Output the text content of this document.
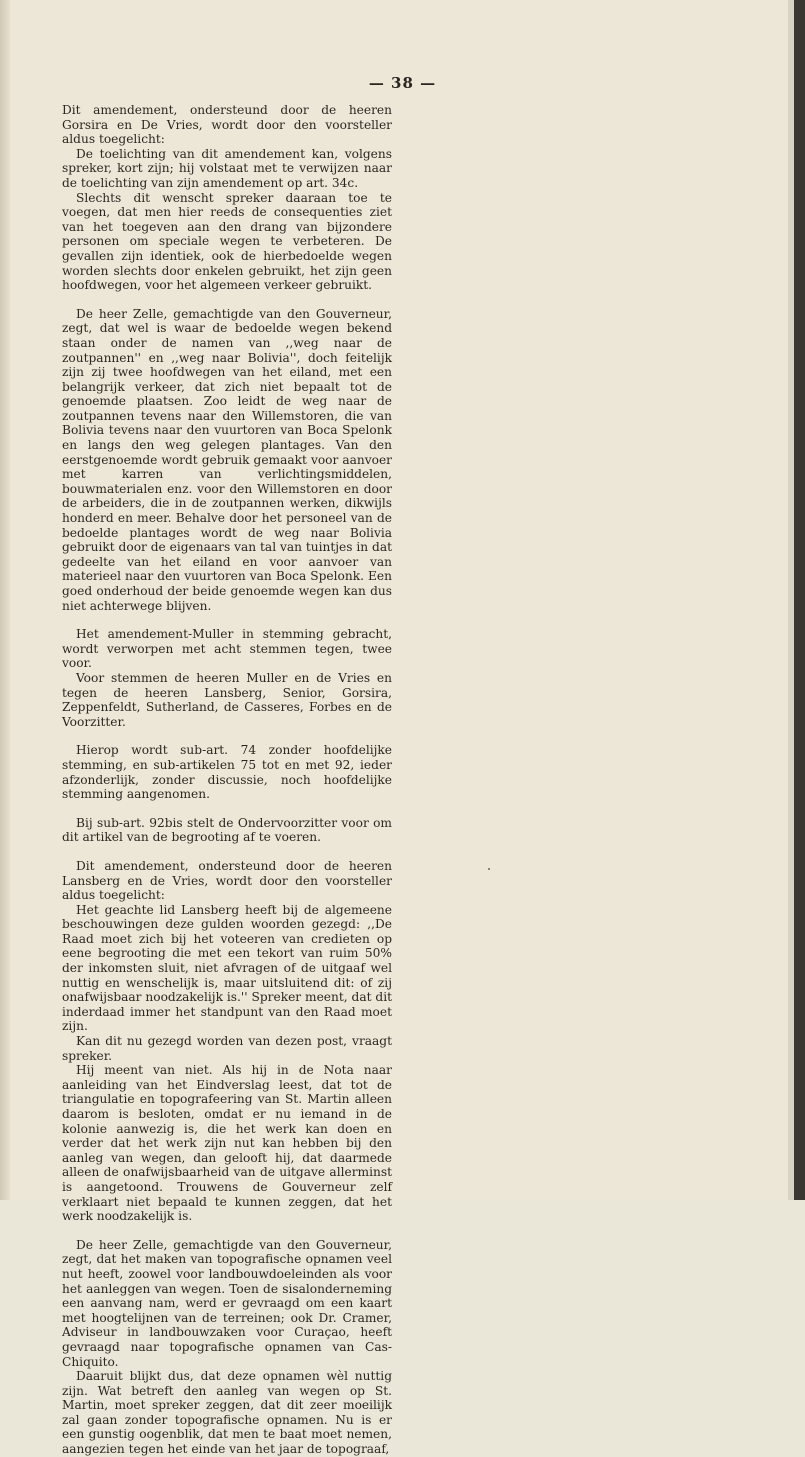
— 38 —

Dit amendement, ondersteund door de heeren Gorsira en De Vries, wordt door den voorsteller aldus toegelicht:

De toelichting van dit amendement kan, volgens spreker, kort zijn; hij volstaat met te verwijzen naar de toelichting van zijn amendement op art. 34c.

Slechts dit wenscht spreker daaraan toe te voegen, dat men hier reeds de consequenties ziet van het toegeven aan den drang van bijzondere personen om speciale wegen te verbeteren. De gevallen zijn identiek, ook de hierbedoelde wegen worden slechts door enkelen gebruikt, het zijn geen hoofdwegen, voor het algemeen verkeer gebruikt.

De heer Zelle, gemachtigde van den Gouverneur, zegt, dat wel is waar de bedoelde wegen bekend staan onder de namen van ,,weg naar de zoutpannen'' en ,,weg naar Bolivia'', doch feitelijk zijn zij twee hoofdwegen van het eiland, met een belangrijk verkeer, dat zich niet bepaalt tot de genoemde plaatsen. Zoo leidt de weg naar de zoutpannen tevens naar den Willemstoren, die van Bolivia tevens naar den vuurtoren van Boca Spelonk en langs den weg gelegen plantages. Van den eerstgenoemde wordt gebruik gemaakt voor aanvoer met karren van verlichtingsmiddelen, bouwmaterialen enz. voor den Willemstoren en door de arbeiders, die in de zoutpannen werken, dikwijls honderd en meer. Behalve door het personeel van de bedoelde plantages wordt de weg naar Bolivia gebruikt door de eigenaars van tal van tuintjes in dat gedeelte van het eiland en voor aanvoer van materieel naar den vuurtoren van Boca Spelonk. Een goed onderhoud der beide genoemde wegen kan dus niet achterwege blijven.

Het amendement-Muller in stemming gebracht, wordt verworpen met acht stemmen tegen, twee voor.

Voor stemmen de heeren Muller en de Vries en tegen de heeren Lansberg, Senior, Gorsira, Zeppenfeldt, Sutherland, de Casseres, Forbes en de Voorzitter.

Hierop wordt sub-art. 74 zonder hoofdelijke stemming, en sub-artikelen 75 tot en met 92, ieder afzonderlijk, zonder discussie, noch hoofdelijke stemming aangenomen.

Bij sub-art. 92bis stelt de Ondervoorzitter voor om dit artikel van de begrooting af te voeren.

Dit amendement, ondersteund door de heeren Lansberg en de Vries, wordt door den voorsteller aldus toegelicht:

Het geachte lid Lansberg heeft bij de algemeene beschouwingen deze gulden woorden gezegd: ,,De Raad moet zich bij het voteeren van credieten op eene begrooting die met een tekort van ruim 50% der inkomsten sluit, niet afvragen of de uitgaaf wel nuttig en wenschelijk is, maar uitsluitend dit: of zij onafwijsbaar noodzakelijk is.'' Spreker meent, dat dit inderdaad immer het standpunt van den Raad moet zijn.

Kan dit nu gezegd worden van dezen post, vraagt spreker.

Hij meent van niet. Als hij in de Nota naar aanleiding van het Eindverslag leest, dat tot de triangulatie en topografeering van St. Martin alleen daarom is besloten, omdat er nu iemand in de kolonie aanwezig is, die het werk kan doen en verder dat het werk zijn nut kan hebben bij den aanleg van wegen, dan gelooft hij, dat daarmede alleen de onafwijsbaarheid van de uitgave allerminst is aangetoond. Trouwens de Gouverneur zelf verklaart niet bepaald te kunnen zeggen, dat het werk noodzakelijk is.

De heer Zelle, gemachtigde van den Gouverneur, zegt, dat het maken van topografische opnamen veel nut heeft, zoowel voor landbouwdoeleinden als voor het aanleggen van wegen. Toen de sisalonderneming een aanvang nam, werd er gevraagd om een kaart met hoogtelijnen van de terreinen; ook Dr. Cramer, Adviseur in landbouwzaken voor Curaçao, heeft gevraagd naar topografische opnamen van Cas-Chiquito.

Daaruit blijkt dus, dat deze opnamen wèl nuttig zijn. Wat betreft den aanleg van wegen op St. Martin, moet spreker zeggen, dat dit zeer moeilijk zal gaan zonder topografische opnamen. Nu is er een gunstig oogenblik, dat men te baat moet nemen, aangezien tegen het einde van het jaar de topograaf,
